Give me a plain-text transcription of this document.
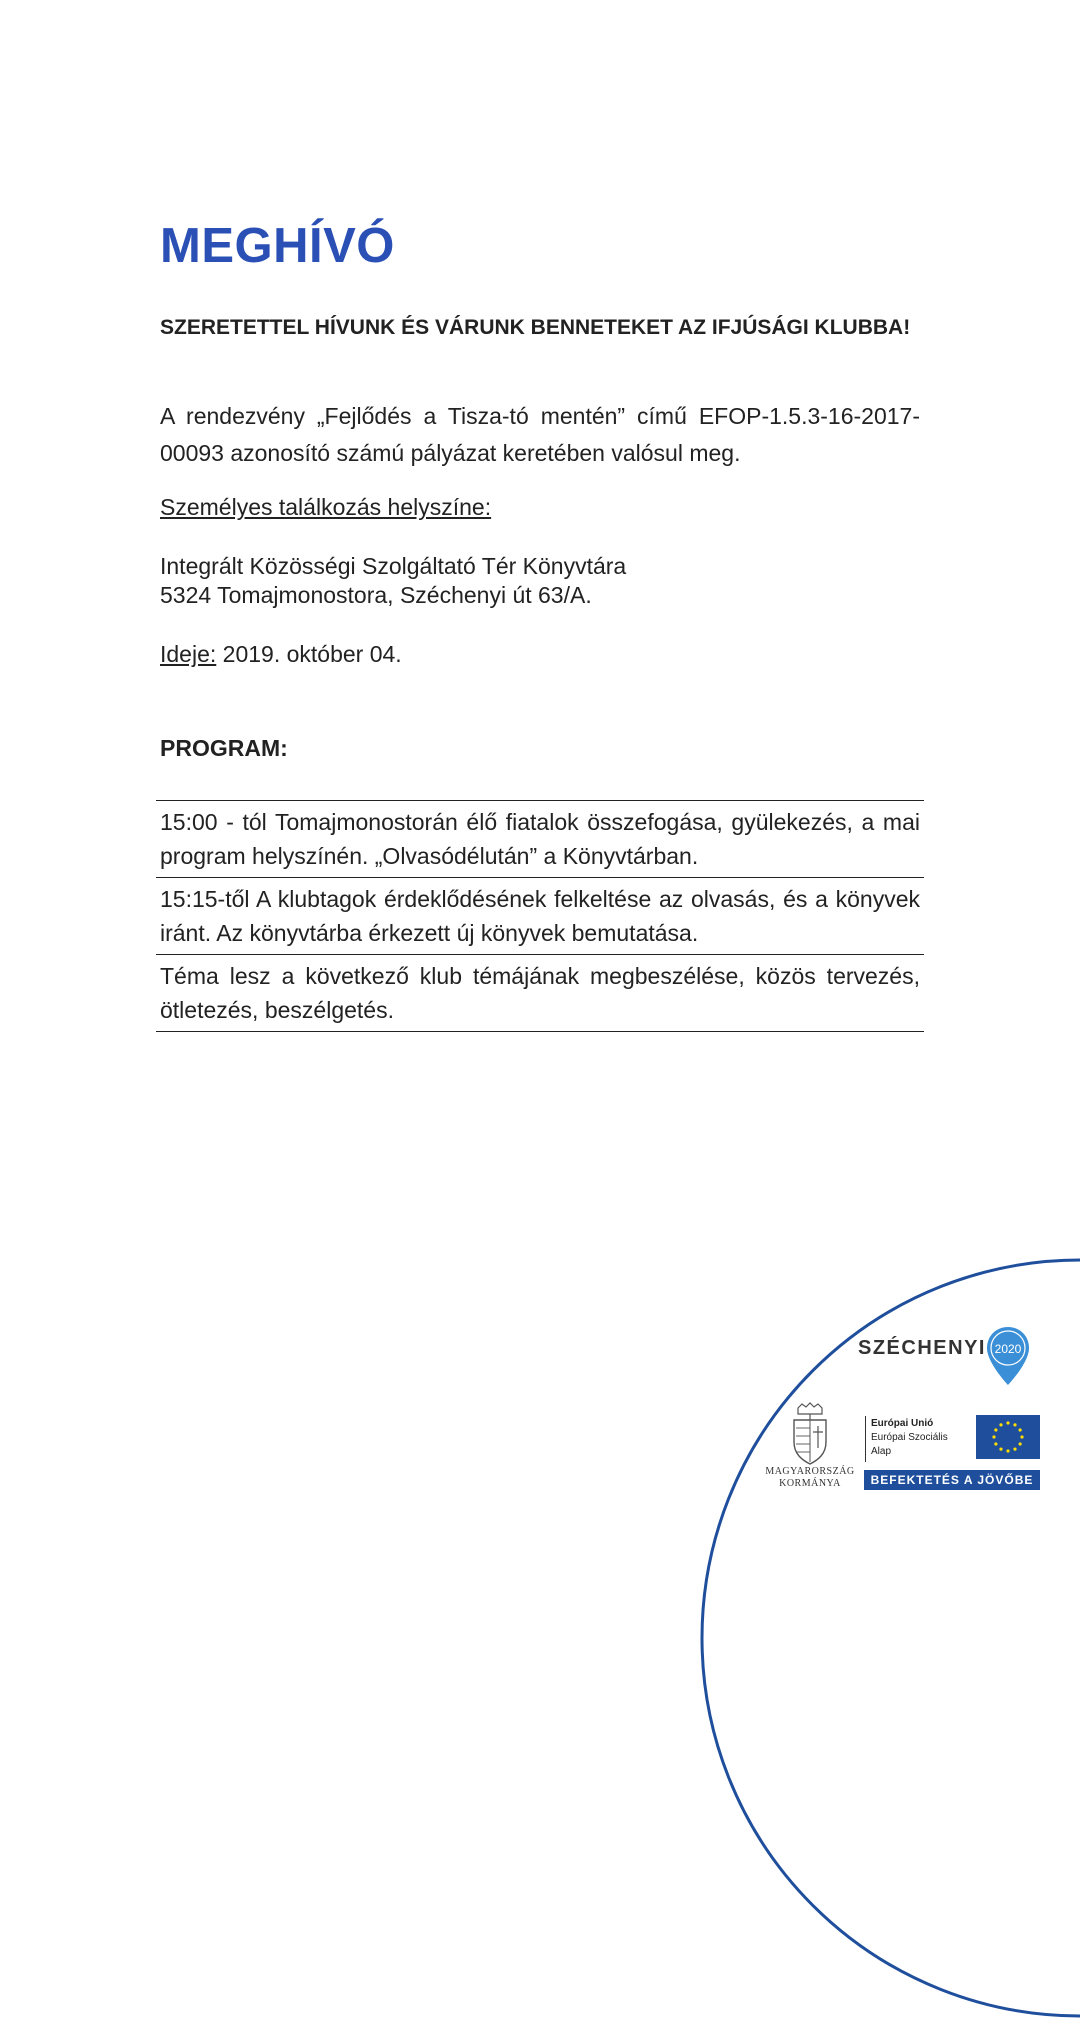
MEGHÍVÓ

SZERETETTEL HÍVUNK ÉS VÁRUNK BENNETEKET AZ IFJÚSÁGI KLUBBA!

A rendezvény „Fejlődés a Tisza-tó mentén” című EFOP-1.5.3-16-2017-00093 azonosító számú pályázat keretében valósul meg.

Személyes találkozás helyszíne:

Integrált Közösségi Szolgáltató Tér Könyvtára
5324 Tomajmonostora, Széchenyi út 63/A.

Ideje: 2019. október 04.

PROGRAM:

15:00 - tól Tomajmonostorán élő fiatalok összefogása, gyülekezés, a mai program helyszínén. „Olvasódélután” a Könyvtárban.
15:15-től A klubtagok érdeklődésének felkeltése az olvasás, és a könyvek iránt. Az könyvtárba érkezett új könyvek bemutatása.
Téma lesz a következő klub témájának megbeszélése, közös tervezés, ötletezés, beszélgetés.
SZÉCHENYI 2020
MAGYARORSZÁG
KORMÁNYA
Európai Unió
Európai Szociális
Alap
BEFEKTETÉS A JÖVŐBE
